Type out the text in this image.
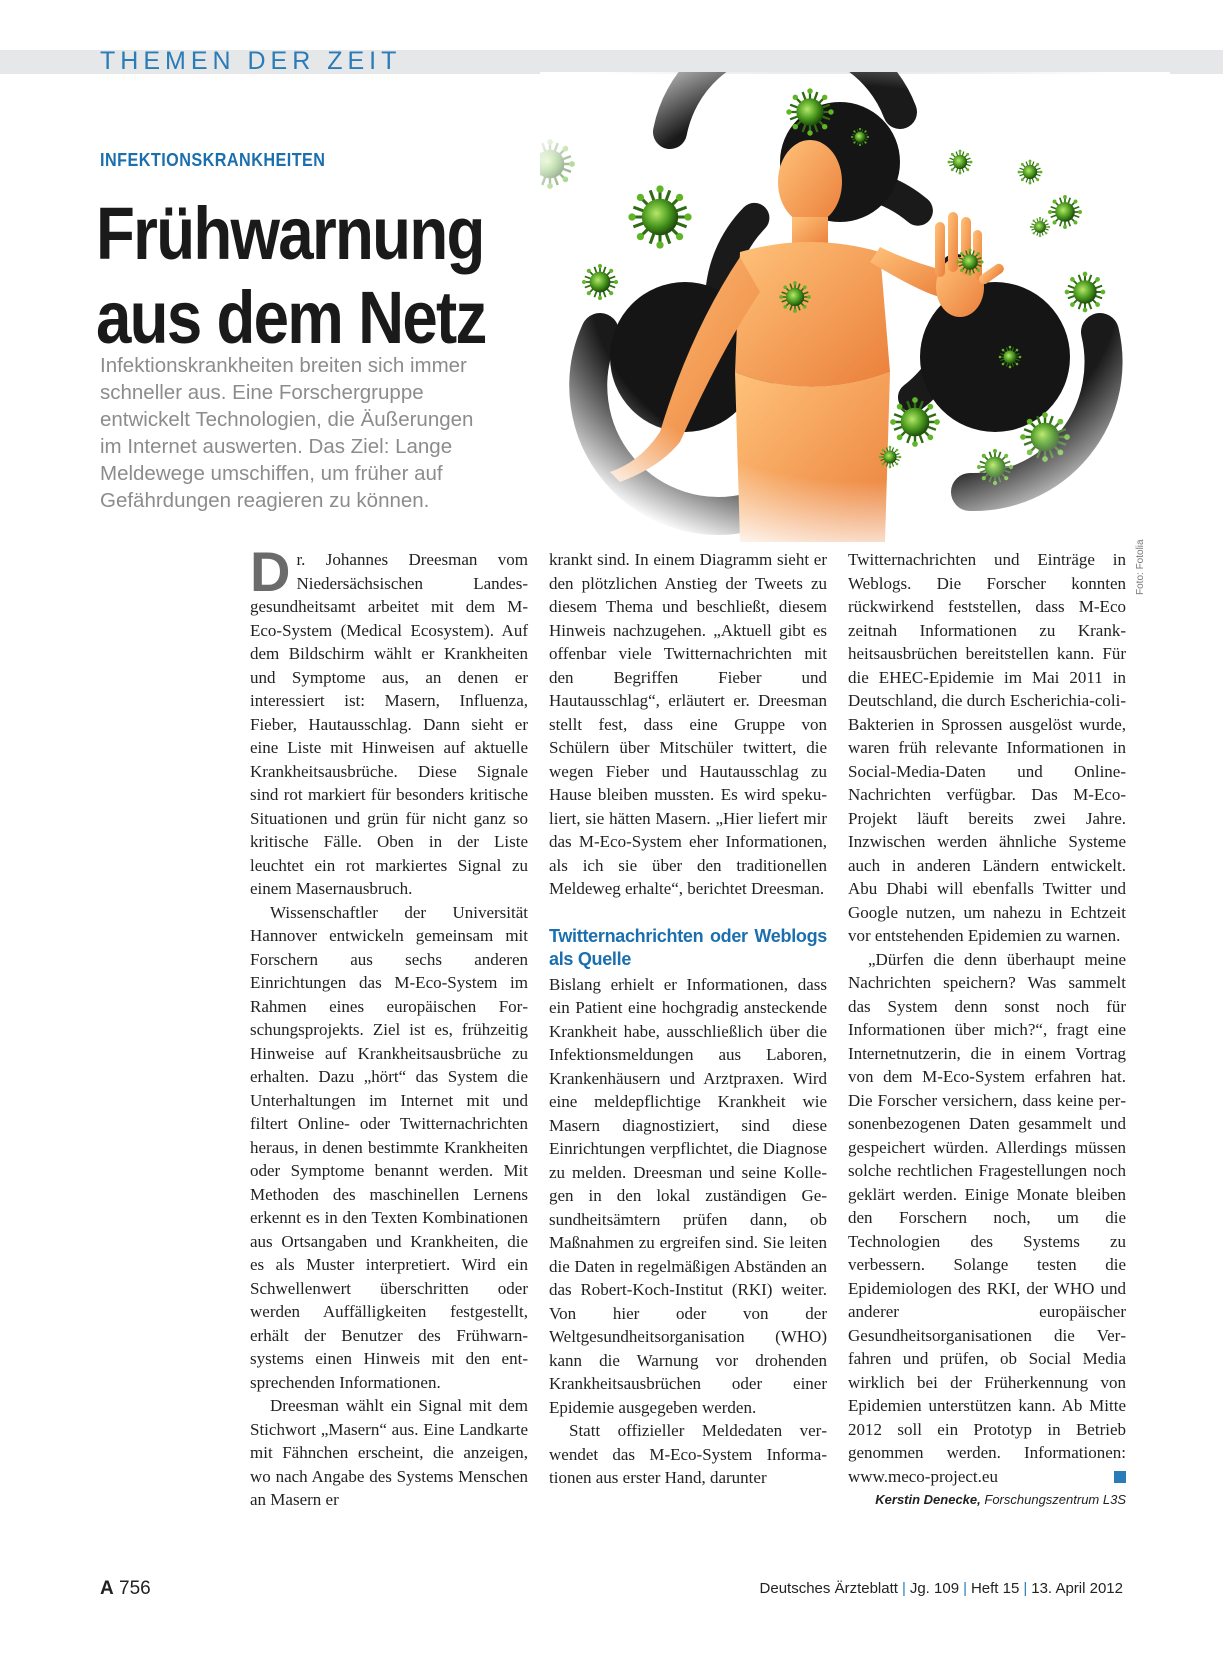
THEMEN DER ZEIT
INFEKTIONSKRANKHEITEN
Frühwarnung
aus dem Netz
Infektionskrankheiten breiten sich immer
schneller aus. Eine Forschergruppe
entwickelt Technologien, die Äußerungen
im Internet auswerten. Das Ziel: Lange
Meldewege umschiffen, um früher auf
Gefährdungen reagieren zu können.
Foto: Fotolia

Dr. Johannes Dreesman vom Niedersächsischen Landesgesundheitsamt arbeitet mit dem M-Eco-System (Medical Ecosystem). Auf dem Bildschirm wählt er Krankheiten und Symptome aus, an denen er interessiert ist: Masern, Influenza, Fieber, Hautausschlag. Dann sieht er eine Liste mit Hinweisen auf aktuelle Krankheitsausbrüche. Diese Signale sind rot markiert für besonders kritische Situationen und grün für nicht ganz so kritische Fälle. Oben in der Liste leuchtet ein rot markiertes Signal zu einem Masernausbruch.

Wissenschaftler der Universität Hannover entwickeln gemeinsam mit Forschern aus sechs anderen Einrichtungen das M-Eco-System im Rahmen eines europäischen Forschungsprojekts. Ziel ist es, frühzeitig Hinweise auf Krankheitsausbrüche zu erhalten. Dazu „hört“ das System die Unterhaltungen im Internet mit und filtert Online- oder Twitternachrichten heraus, in denen bestimmte Krankheiten oder Symptome benannt werden. Mit Methoden des maschinellen Lernens erkennt es in den Texten Kombinationen aus Ortsangaben und Krankheiten, die es als Muster interpretiert. Wird ein Schwellenwert überschritten oder werden Auffälligkeiten festgestellt, erhält der Benutzer des Frühwarnsystems einen Hinweis mit den entsprechenden Informationen.

Dreesman wählt ein Signal mit dem Stichwort „Masern“ aus. Eine Landkarte mit Fähnchen erscheint, die anzeigen, wo nach Angabe des Systems Menschen an Masern er

krankt sind. In einem Diagramm sieht er den plötzlichen Anstieg der Tweets zu diesem Thema und beschließt, diesem Hinweis nachzugehen. „Aktuell gibt es offenbar viele Twitternachrichten mit den Begriffen Fieber und Hautausschlag“, erläutert er. Dreesman stellt fest, dass eine Gruppe von Schülern über Mitschüler twittert, die wegen Fieber und Hautausschlag zu Hause bleiben mussten. Es wird spekuliert, sie hätten Masern. „Hier liefert mir das M-Eco-System eher Informationen, als ich sie über den traditionellen Meldeweg erhalte“, berichtet Dreesman.

Twitternachrichten oder Weblogs als Quelle

Bislang erhielt er Informationen, dass ein Patient eine hochgradig ansteckende Krankheit habe, ausschließlich über die Infektionsmeldungen aus Laboren, Krankenhäusern und Arztpraxen. Wird eine meldepflichtige Krankheit wie Masern diagnostiziert, sind diese Einrichtungen verpflichtet, die Diagnose zu melden. Dreesman und seine Kollegen in den lokal zuständigen Gesundheitsämtern prüfen dann, ob Maßnahmen zu ergreifen sind. Sie leiten die Daten in regelmäßigen Abständen an das Robert-Koch-Institut (RKI) weiter. Von hier oder von der Weltgesundheitsorganisation (WHO) kann die Warnung vor drohenden Krankheitsausbrüchen oder einer Epidemie ausgegeben werden.

Statt offizieller Meldedaten verwendet das M-Eco-System Informationen aus erster Hand, darunter

Twitternachrichten und Einträge in Weblogs. Die Forscher konnten rückwirkend feststellen, dass M-Eco zeitnah Informationen zu Krankheitsausbrüchen bereitstellen kann. Für die EHEC-Epidemie im Mai 2011 in Deutschland, die durch Escherichia-coli-Bakterien in Sprossen ausgelöst wurde, waren früh relevante Informationen in Social-Media-Daten und Online-Nachrichten verfügbar. Das M-Eco-Projekt läuft bereits zwei Jahre. Inzwischen werden ähnliche Systeme auch in anderen Ländern entwickelt. Abu Dhabi will ebenfalls Twitter und Google nutzen, um nahezu in Echtzeit vor entstehenden Epidemien zu warnen.

„Dürfen die denn überhaupt meine Nachrichten speichern? Was sammelt das System denn sonst noch für Informationen über mich?“, fragt eine Internetnutzerin, die in einem Vortrag von dem M-Eco-System erfahren hat. Die Forscher versichern, dass keine personenbezogenen Daten gesammelt und gespeichert würden. Allerdings müssen solche rechtlichen Fragestellungen noch geklärt werden. Einige Monate bleiben den Forschern noch, um die Technologien des Systems zu verbessern. Solange testen die Epidemiologen des RKI, der WHO und anderer europäischer Gesundheitsorganisationen die Verfahren und prüfen, ob Social Media wirklich bei der Früherkennung von Epidemien unterstützen kann. Ab Mitte 2012 soll ein Prototyp in Betrieb genommen werden. Informationen: www.meco-project.eu

Kerstin Denecke, Forschungszentrum L3S
A 756	Deutsches Ärzteblatt | Jg. 109 | Heft 15 | 13. April 2012
